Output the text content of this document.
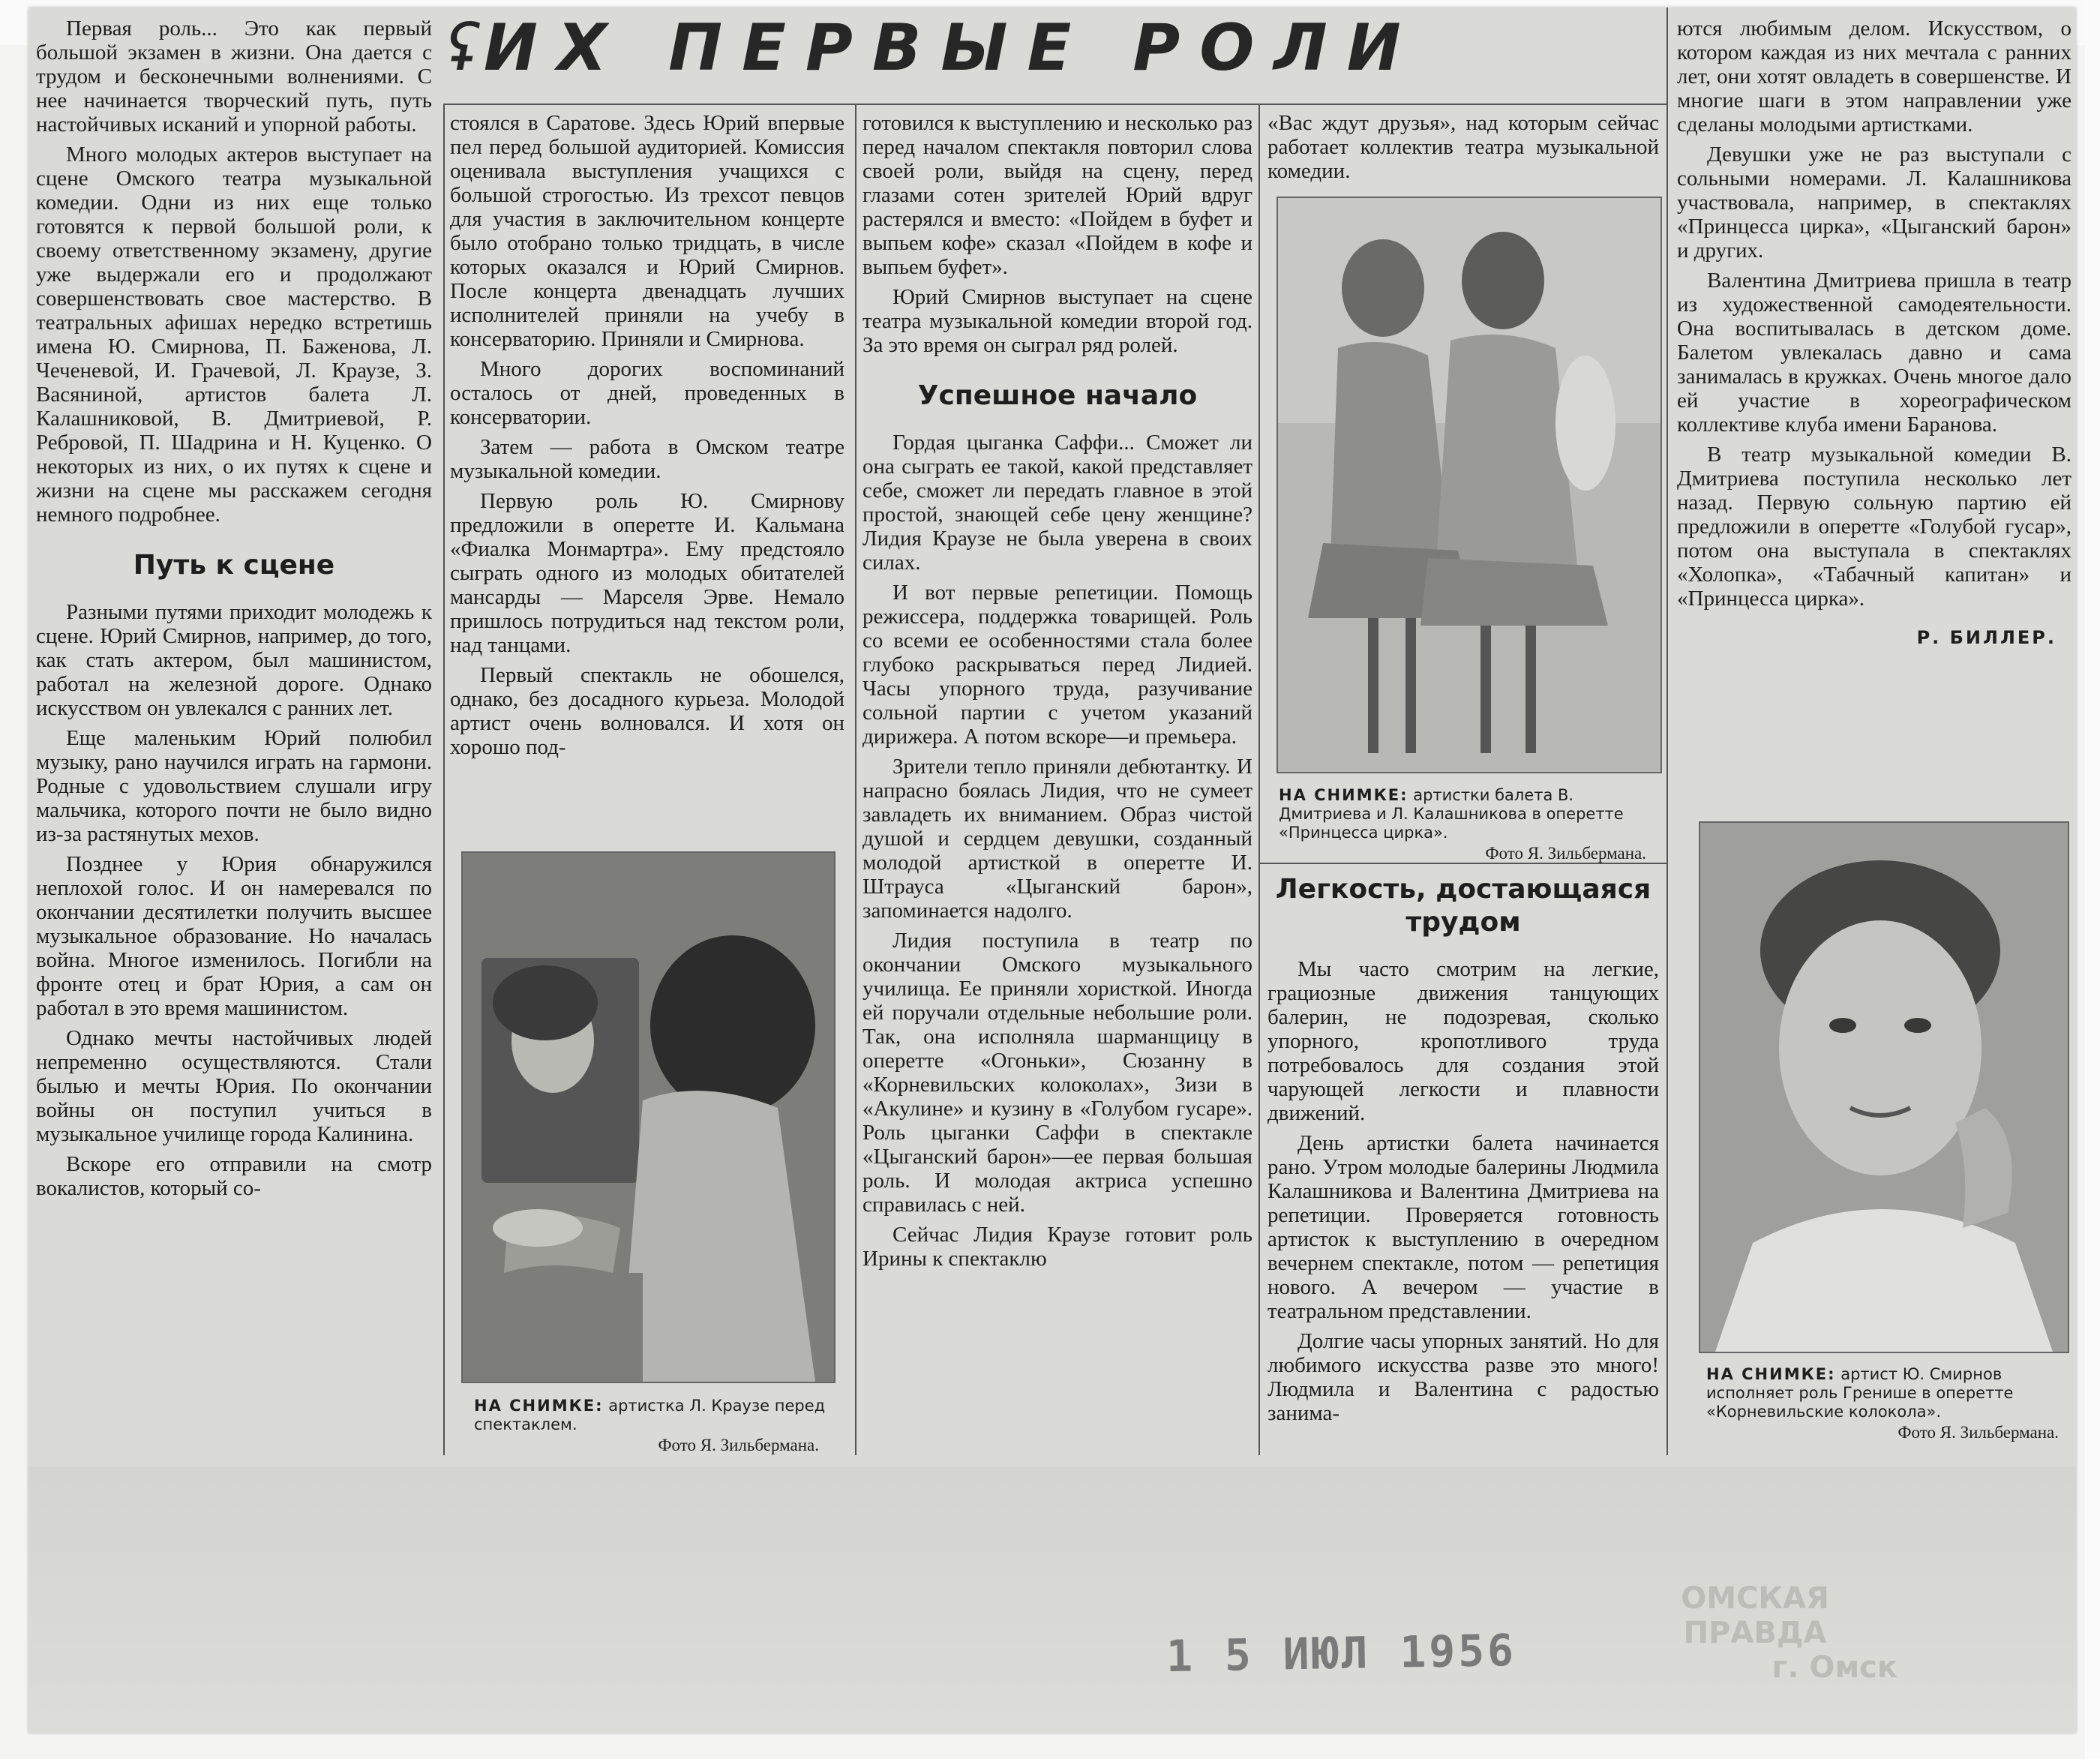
ʢИХ ПЕРВЫЕ РОЛИ

Первая роль... Это как первый большой экзамен в жизни. Она дается с трудом и бесконечными волнениями. С нее начинается творческий путь, путь настойчивых исканий и упорной работы.

Много молодых актеров выступает на сцене Омского театра музыкальной комедии. Одни из них еще только готовятся к первой большой роли, к своему ответственному экзамену, другие уже выдержали его и продолжают совершенствовать свое мастерство. В театральных афишах нередко встретишь имена Ю. Смирнова, П. Баженова, Л. Чеченевой, И. Грачевой, Л. Краузе, З. Васяниной, артистов балета Л. Калашниковой, В. Дмитриевой, Р. Ребровой, П. Шадрина и Н. Куценко. О некоторых из них, о их путях к сцене и жизни на сцене мы расскажем сегодня немного подробнее.

Путь к сцене

Разными путями приходит молодежь к сцене. Юрий Смирнов, например, до того, как стать актером, был машинистом, работал на железной дороге. Однако искусством он увлекался с ранних лет.

Еще маленьким Юрий полюбил музыку, рано научился играть на гармони. Родные с удовольствием слушали игру мальчика, которого почти не было видно из-за растянутых мехов.

Позднее у Юрия обнаружился неплохой голос. И он намеревался по окончании десятилетки получить высшее музыкальное образование. Но началась война. Многое изменилось. Погибли на фронте отец и брат Юрия, а сам он работал в это время машинистом.

Однако мечты настойчивых людей непременно осуществляются. Стали былью и мечты Юрия. По окончании войны он поступил учиться в музыкальное училище города Калинина.

Вскоре его отправили на смотр вокалистов, который со-

стоялся в Саратове. Здесь Юрий впервые пел перед большой аудиторией. Комиссия оценивала выступления учащихся с большой строгостью. Из трехсот певцов для участия в заключительном концерте было отобрано только тридцать, в числе которых оказался и Юрий Смирнов. После концерта двенадцать лучших исполнителей приняли на учебу в консерваторию. Приняли и Смирнова.

Много дорогих воспоминаний осталось от дней, проведенных в консерватории.

Затем — работа в Омском театре музыкальной комедии.

Первую роль Ю. Смирнову предложили в оперетте И. Кальмана «Фиалка Монмартра». Ему предстояло сыграть одного из молодых обитателей мансарды — Марселя Эрве. Немало пришлось потрудиться над текстом роли, над танцами.

Первый спектакль не обошелся, однако, без досадного курьеза. Молодой артист очень волновался. И хотя он хорошо под-

НА СНИМКЕ: артистка Л. Краузе перед спектаклем.
Фото Я. Зильбермана.

готовился к выступлению и несколько раз перед началом спектакля повторил слова своей роли, выйдя на сцену, перед глазами сотен зрителей Юрий вдруг растерялся и вместо: «Пойдем в буфет и выпьем кофе» сказал «Пойдем в кофе и выпьем буфет».

Юрий Смирнов выступает на сцене театра музыкальной комедии второй год. За это время он сыграл ряд ролей.

Успешное начало

Гордая цыганка Саффи... Сможет ли она сыграть ее такой, какой представляет себе, сможет ли передать главное в этой простой, знающей себе цену женщине? Лидия Краузе не была уверена в своих силах.

И вот первые репетиции. Помощь режиссера, поддержка товарищей. Роль со всеми ее особенностями стала более глубоко раскрываться перед Лидией. Часы упорного труда, разучивание сольной партии с учетом указаний дирижера. А потом вскоре—и премьера.

Зрители тепло приняли дебютантку. И напрасно боялась Лидия, что не сумеет завладеть их вниманием. Образ чистой душой и сердцем девушки, созданный молодой артисткой в оперетте И. Штрауса «Цыганский барон», запоминается надолго.

Лидия поступила в театр по окончании Омского музыкального училища. Ее приняли хористкой. Иногда ей поручали отдельные небольшие роли. Так, она исполняла шарманщицу в оперетте «Огоньки», Сюзанну в «Корневильских колоколах», Зизи в «Акулине» и кузину в «Голубом гусаре». Роль цыганки Саффи в спектакле «Цыганский барон»—ее первая большая роль. И молодая актриса успешно справилась с ней.

Сейчас Лидия Краузе готовит роль Ирины к спектаклю

«Вас ждут друзья», над которым сейчас работает коллектив театра музыкальной комедии.

НА СНИМКЕ: артистки балета В. Дмитриева и Л. Калашникова в оперетте «Принцесса цирка».
Фото Я. Зильбермана.
Легкость, достающаяся трудом

Мы часто смотрим на легкие, грациозные движения танцующих балерин, не подозревая, сколько упорного, кропотливого труда потребовалось для создания этой чарующей легкости и плавности движений.

День артистки балета начинается рано. Утром молодые балерины Людмила Калашникова и Валентина Дмитриева на репетиции. Проверяется готовность артисток к выступлению в очередном вечернем спектакле, потом — репетиция нового. А вечером — участие в театральном представлении.

Долгие часы упорных занятий. Но для любимого искусства разве это много! Людмила и Валентина с радостью занима-

ются любимым делом. Искусством, о котором каждая из них мечтала с ранних лет, они хотят овладеть в совершенстве. И многие шаги в этом направлении уже сделаны молодыми артистками.

Девушки уже не раз выступали с сольными номерами. Л. Калашникова участвовала, например, в спектаклях «Принцесса цирка», «Цыганский барон» и других.

Валентина Дмитриева пришла в театр из художественной самодеятельности. Она воспитывалась в детском доме. Балетом увлекалась давно и сама занималась в кружках. Очень многое дало ей участие в хореографическом коллективе клуба имени Баранова.

В театр музыкальной комедии В. Дмитриева поступила несколько лет назад. Первую сольную партию ей предложили в оперетте «Голубой гусар», потом она выступала в спектаклях «Холопка», «Табачный капитан» и «Принцесса цирка».

Р. БИЛЛЕР.
НА СНИМКЕ: артист Ю. Смирнов исполняет роль Гренише в оперетте «Корневильские колокола».
Фото Я. Зильбермана.
1 5 ИЮЛ 1956
ОМСКАЯ ПРАВДА
г. Омск
